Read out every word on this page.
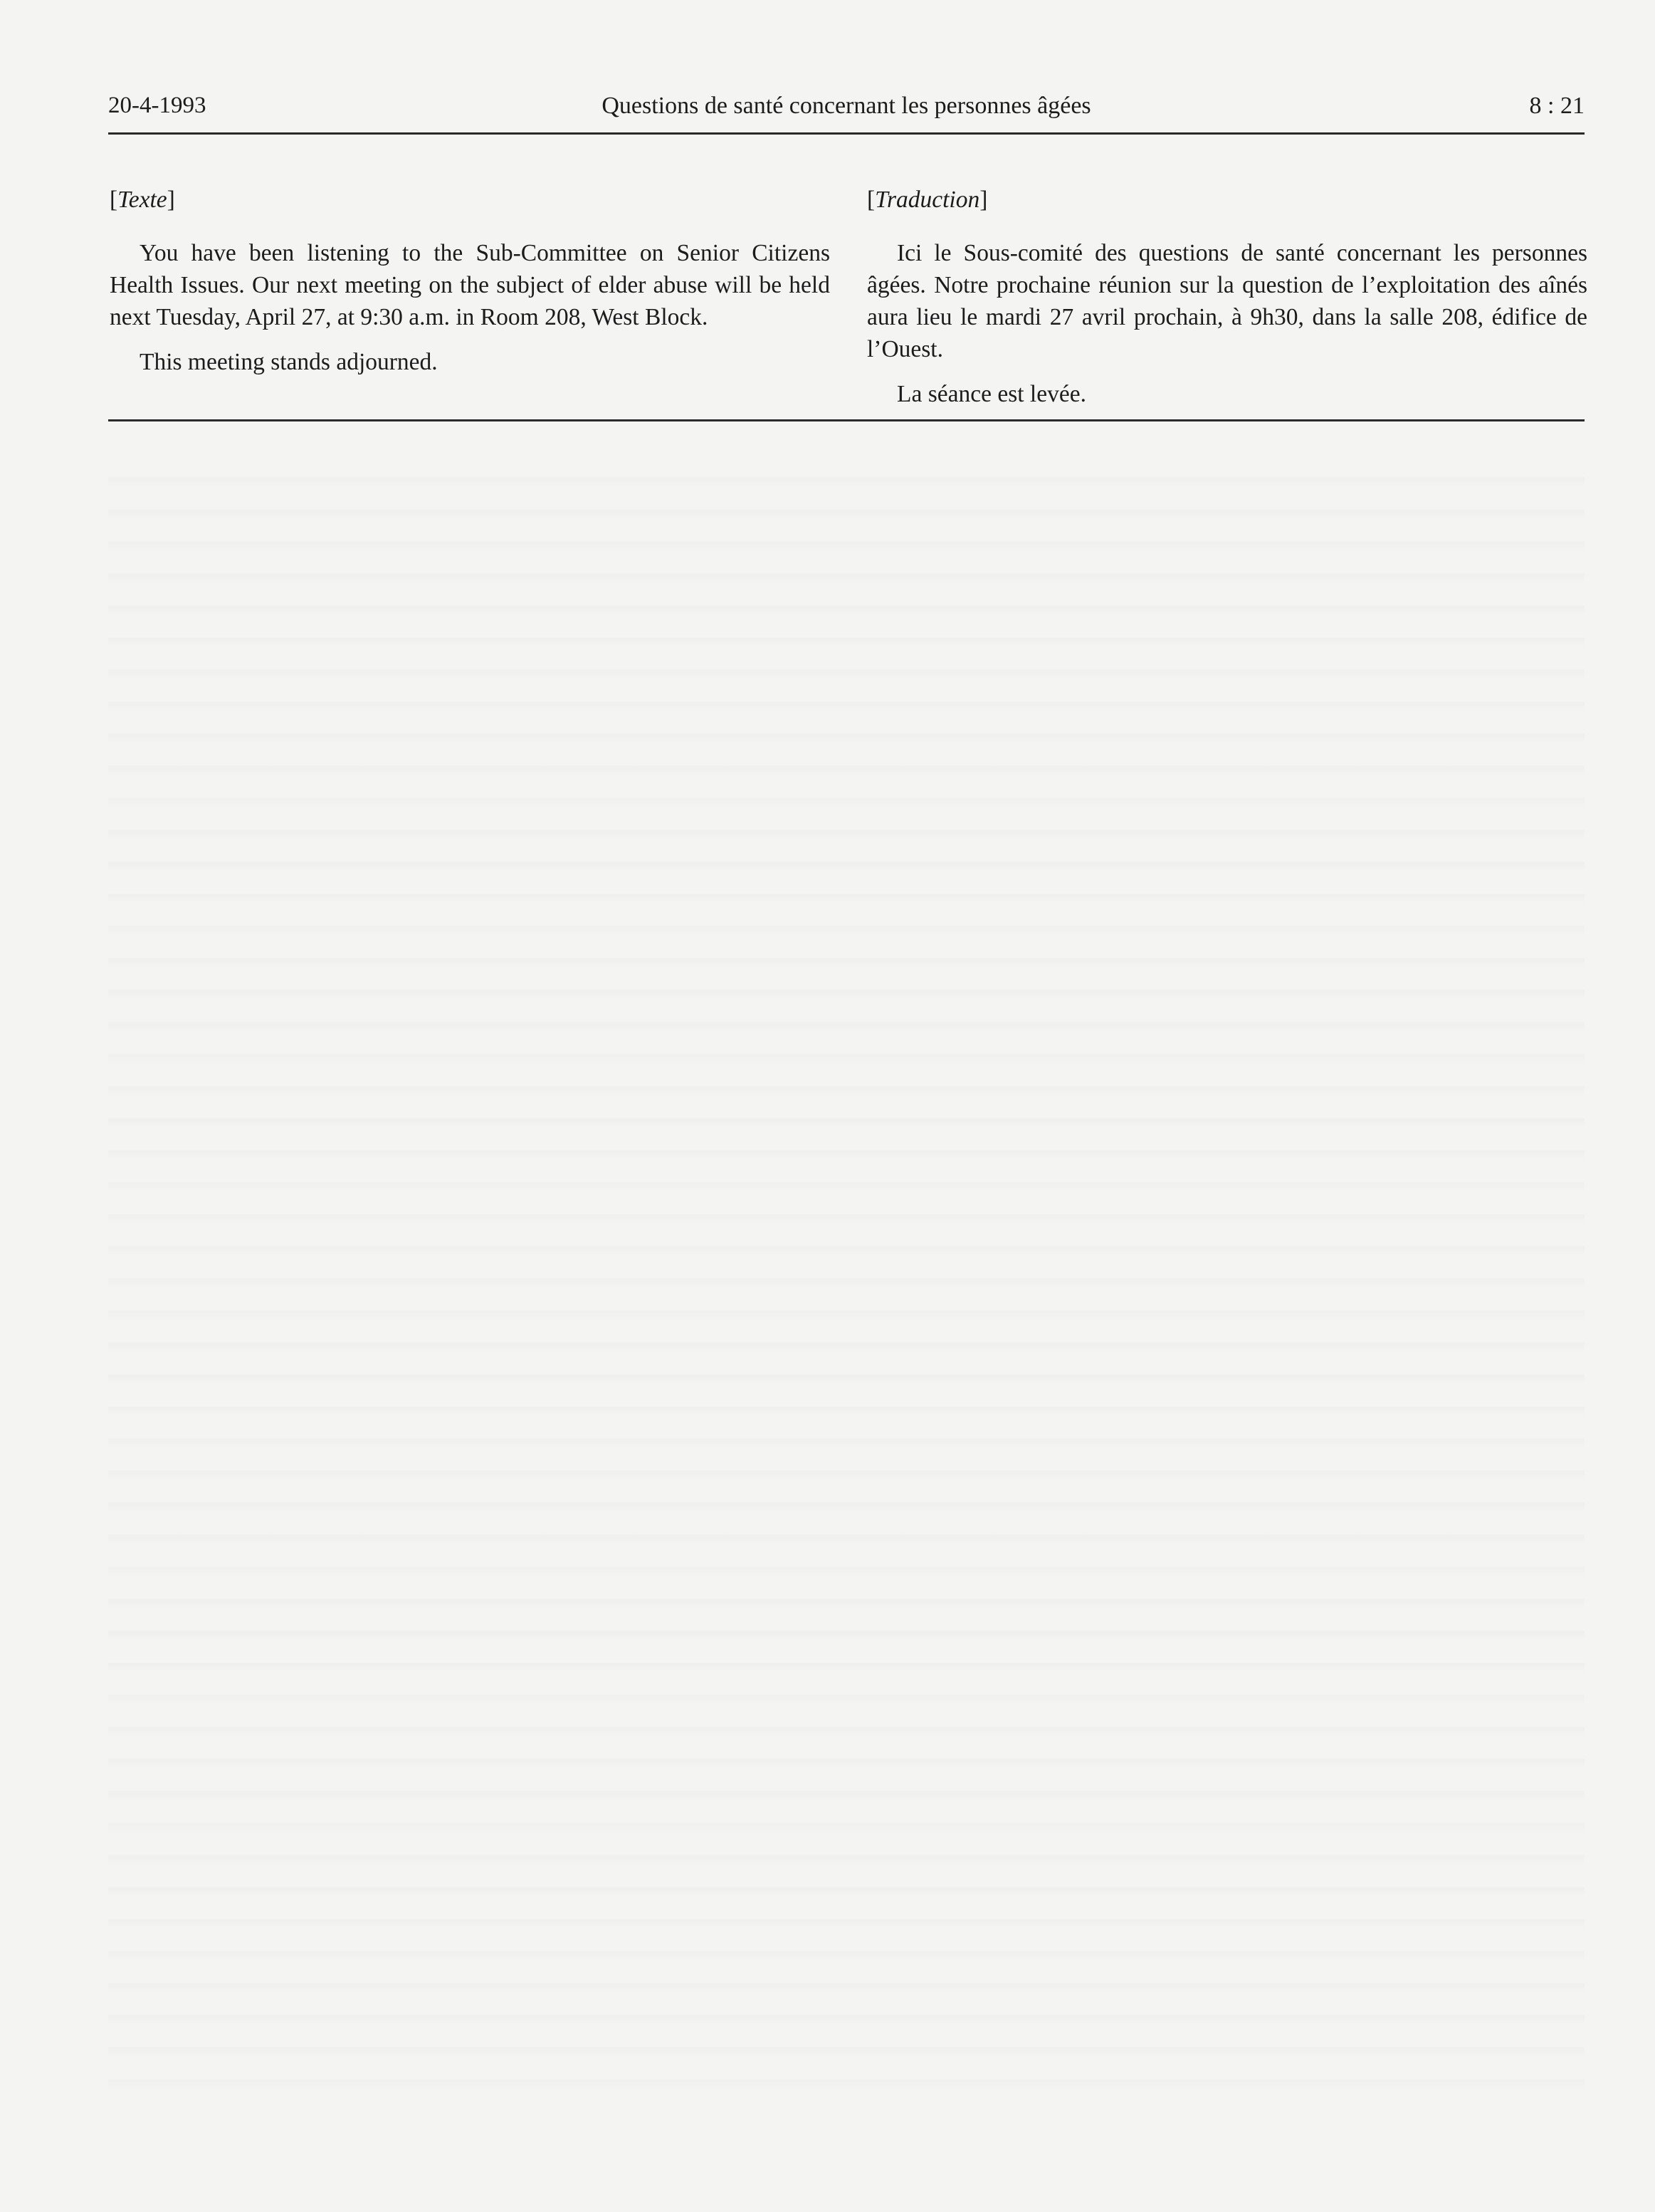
20-4-1993	Questions de santé concernant les personnes âgées	8 : 21
[Texte]

You have been listening to the Sub-Committee on Senior Citizens Health Issues. Our next meeting on the subject of elder abuse will be held next Tuesday, April 27, at 9:30 a.m. in Room 208, West Block.

This meeting stands adjourned.

[Traduction]

Ici le Sous-comité des questions de santé concernant les personnes âgées. Notre prochaine réunion sur la question de l’exploitation des aînés aura lieu le mardi 27 avril prochain, à 9h30, dans la salle 208, édifice de l’Ouest.

La séance est levée.
